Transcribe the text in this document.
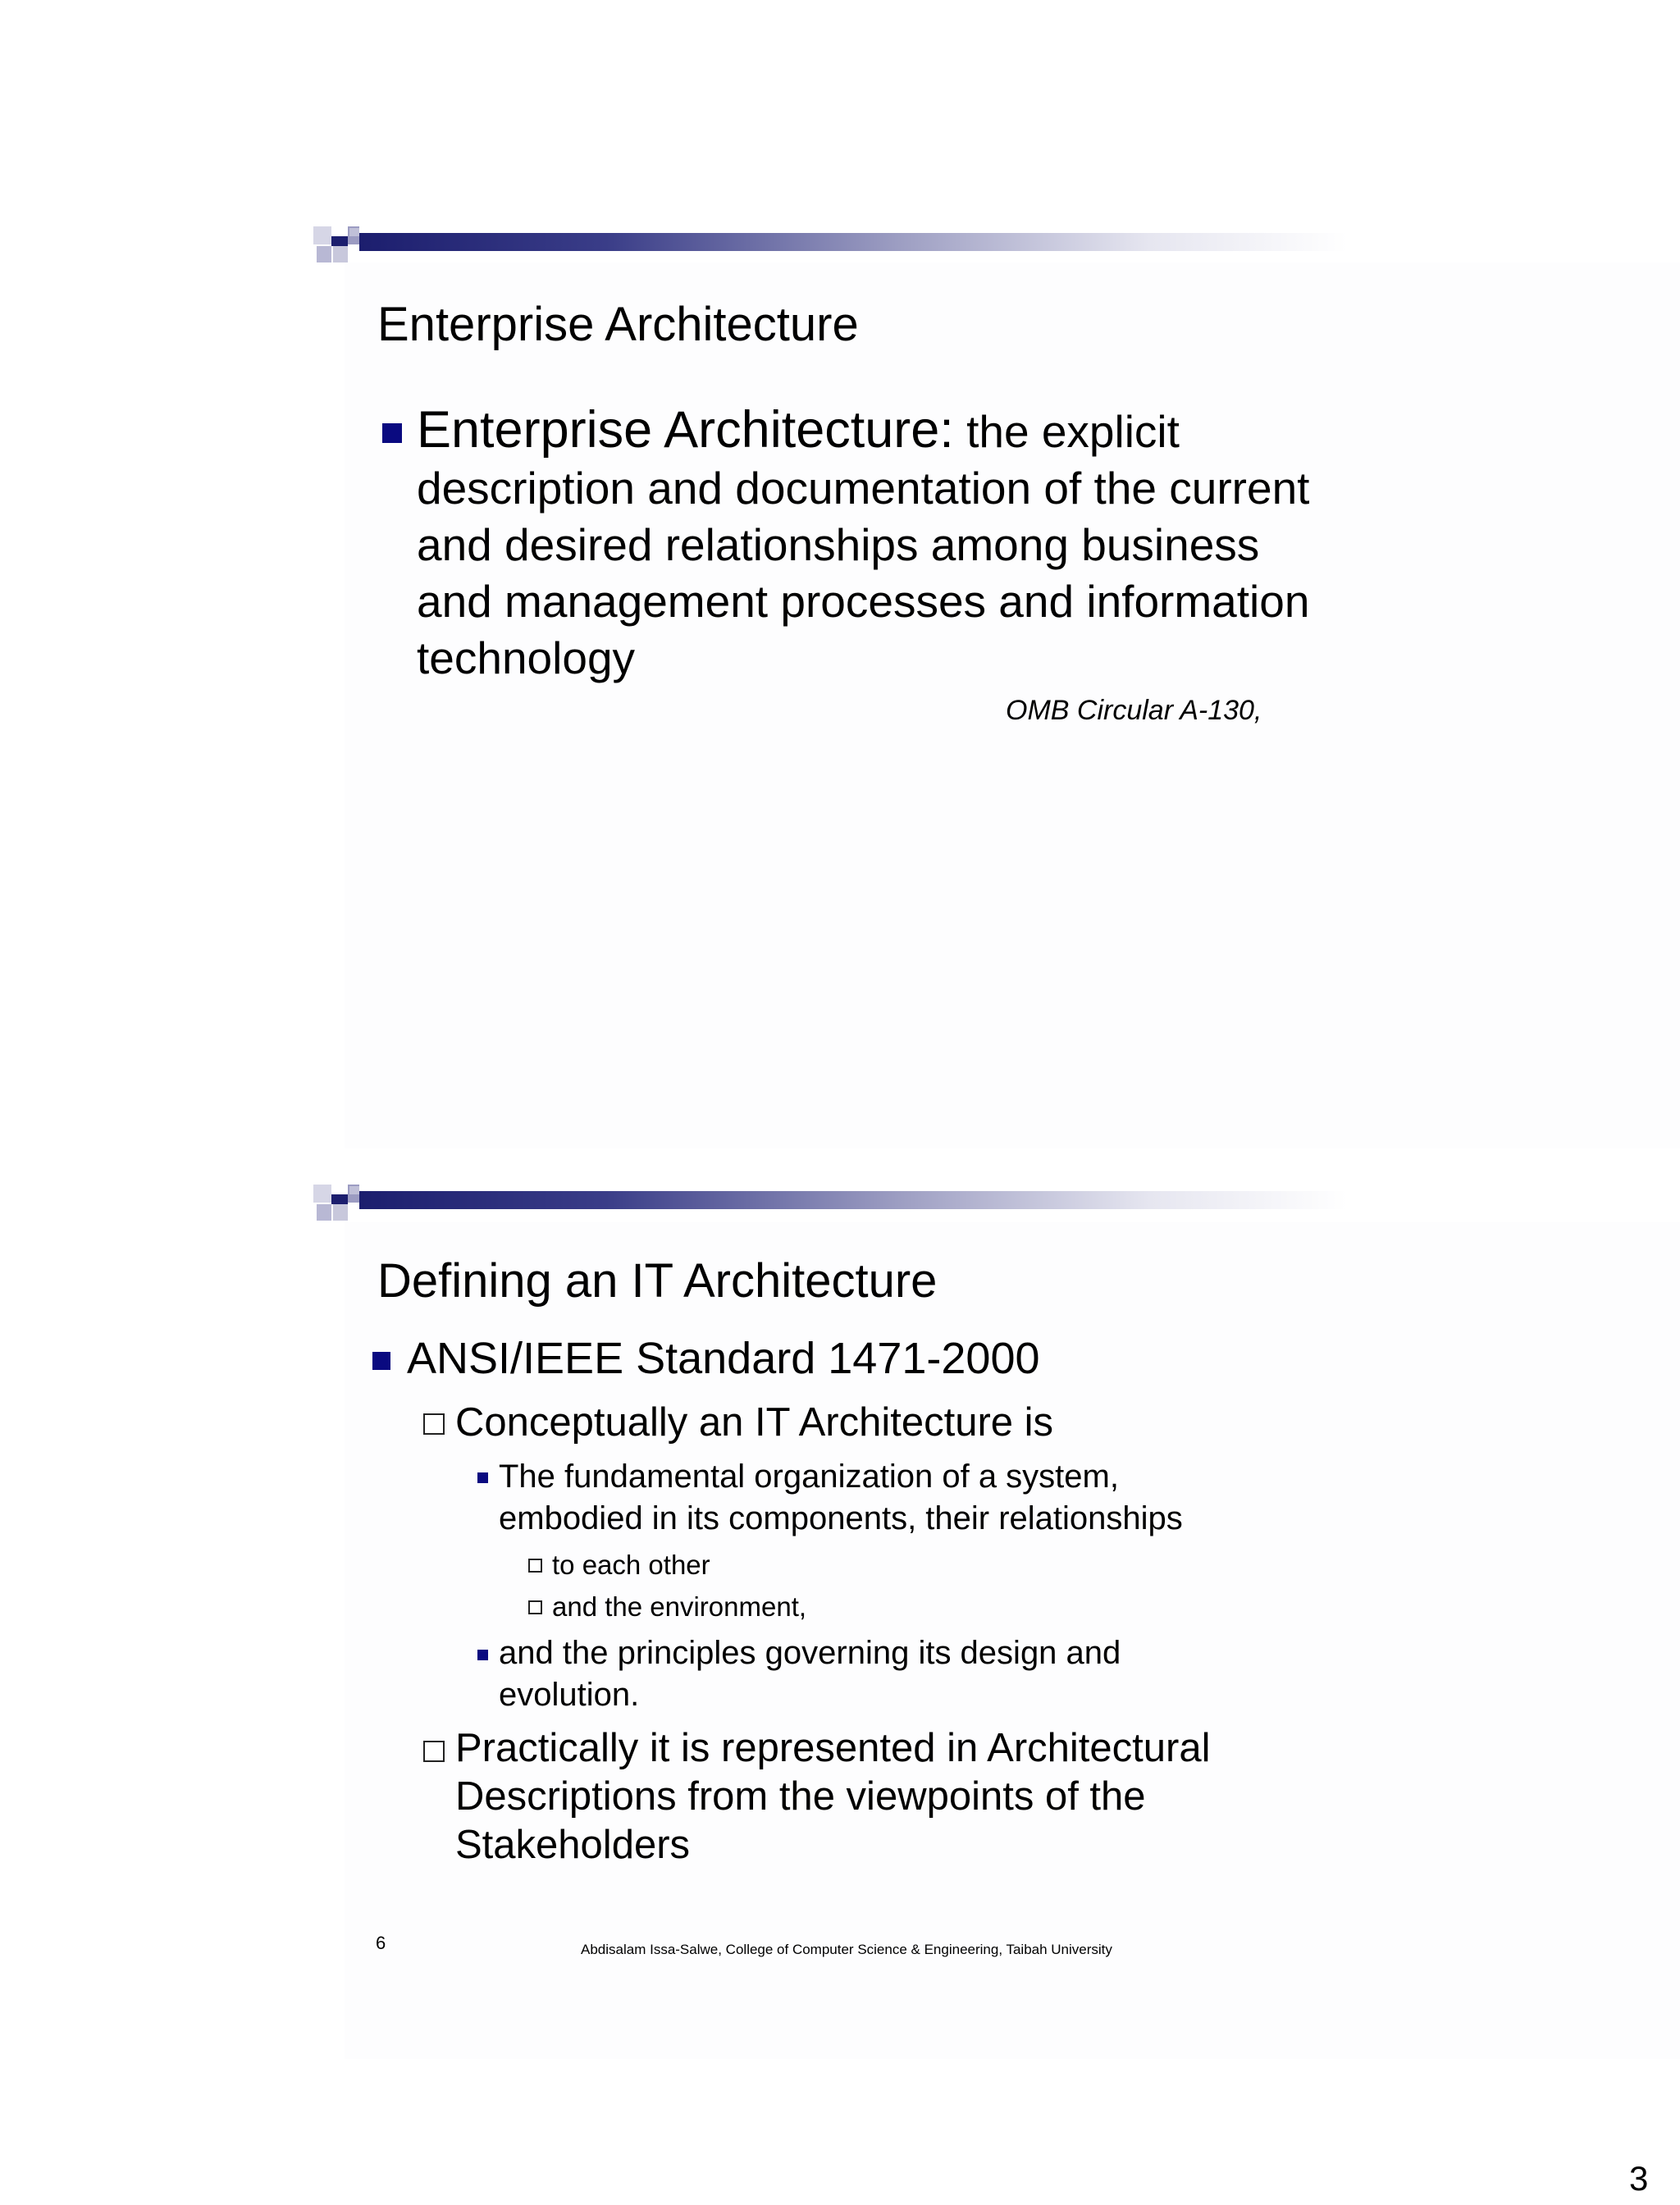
Enterprise Architecture
Enterprise Architecture: the explicit description and documentation of the current and desired relationships among business and management processes and information technology
OMB Circular A-130,
Defining an IT Architecture
ANSI/IEEE Standard 1471-2000
Conceptually an IT Architecture is
The fundamental organization of a system, embodied in its components, their relationships
to each other
and the environment,
and the principles governing its design and evolution.
Practically it is represented in Architectural Descriptions from the viewpoints of the Stakeholders
6	Abdisalam Issa-Salwe, College of Computer Science & Engineering, Taibah University
3
